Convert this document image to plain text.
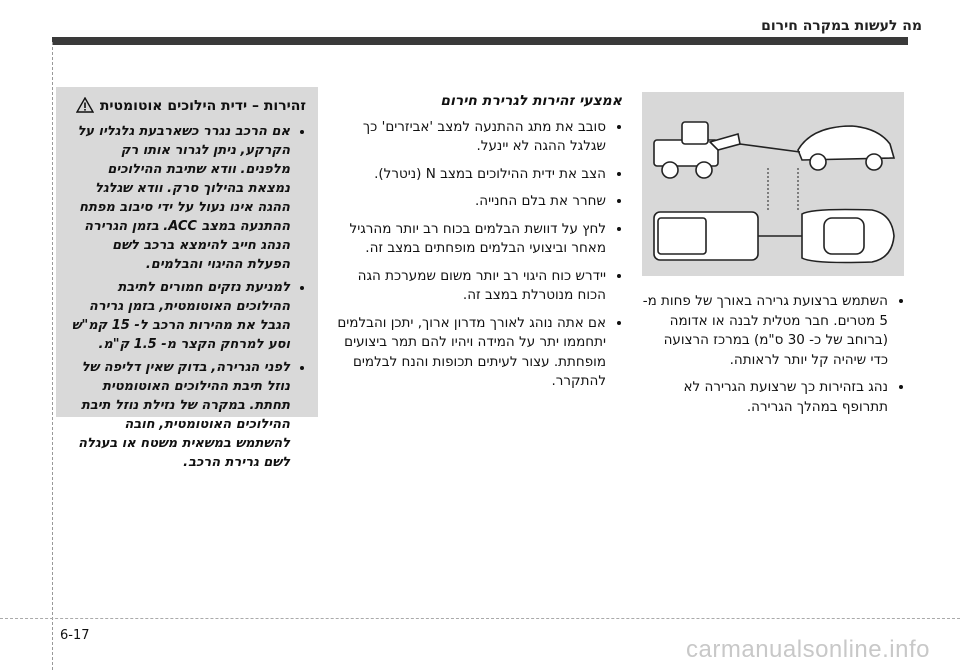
מה לעשות במקרה חירום
• השתמש ברצועת גרירה באורך של פחות מ- 5 מטרים. חבר מטלית לבנה או אדומה (ברוחב של כ- 30 ס"מ) במרכז הרצועה כדי שיהיה קל יותר לראותה.
• נהג בזהירות כך שרצועת הגרירה לא תתרופף במהלך הגרירה.
אמצעי זהירות לגרירת חירום
• סובב את מתג ההתנעה למצב 'אביזרים' כך שגלגל ההגה לא יינעל.
• הצב את ידית ההילוכים במצב N (ניטרל).
• שחרר את בלם החנייה.
• לחץ על דוושת הבלמים בכוח רב יותר מהרגיל מאחר וביצועי הבלמים מופחתים במצב זה.
• יידרש כוח היגוי רב יותר משום שמערכת הגה הכוח מנוטרלת במצב זה.
• אם אתה נוהג לאורך מדרון ארוך, יתכן והבלמים יתחממו יתר על המידה ויהיו להם תמר ביצועים מופחתת. עצור לעיתים תכופות והנח לבלמים להתקרר.
זהירות – ידית הילוכים אוטומטית
• אם הרכב נגרר כשארבעת גלגליו על הקרקע, ניתן לגרור אותו רק מלפנים. וודא שתיבת ההילוכים נמצאת בהילוך סרק. וודא שגלגל ההגה אינו נעול על ידי סיבוב מפתח ההתנעה במצב ACC. בזמן הגרירה הנהג חייב להימצא ברכב לשם הפעלת ההיגוי והבלמים.
• למניעת נזקים חמורים לתיבת ההילוכים האוטומטית, בזמן גרירה הגבל את מהירות הרכב ל- 15 קמ"ש וסע למרחק הקצר מ- 1.5 ק"מ.
• לפני הגרירה, בדוק שאין דליפה של נוזל תיבת ההילוכים האוטומטית תחתת. במקרה של נזילת נוזל תיבת ההילוכים האוטומטית, חובה להשתמש במשאית משטח או בעגלה לשם גרירת הרכב.
6-17
carmanualsonline.info
